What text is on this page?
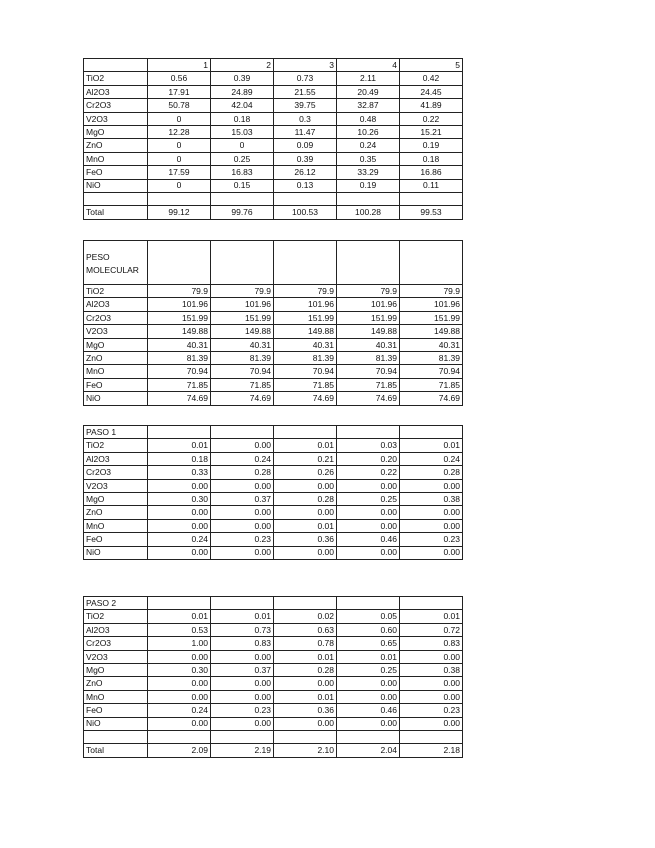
	1	2	3	4	5
TiO2	0.56	0.39	0.73	2.11	0.42
Al2O3	17.91	24.89	21.55	20.49	24.45
Cr2O3	50.78	42.04	39.75	32.87	41.89
V2O3	0	0.18	0.3	0.48	0.22
MgO	12.28	15.03	11.47	10.26	15.21
ZnO	0	0	0.09	0.24	0.19
MnO	0	0.25	0.39	0.35	0.18
FeO	17.59	16.83	26.12	33.29	16.86
NiO	0	0.15	0.13	0.19	0.11

Total	99.12	99.76	100.53	100.28	99.53
PESO MOLECULAR					
TiO2	79.9	79.9	79.9	79.9	79.9
Al2O3	101.96	101.96	101.96	101.96	101.96
Cr2O3	151.99	151.99	151.99	151.99	151.99
V2O3	149.88	149.88	149.88	149.88	149.88
MgO	40.31	40.31	40.31	40.31	40.31
ZnO	81.39	81.39	81.39	81.39	81.39
MnO	70.94	70.94	70.94	70.94	70.94
FeO	71.85	71.85	71.85	71.85	71.85
NiO	74.69	74.69	74.69	74.69	74.69
PASO 1					
TiO2	0.01	0.00	0.01	0.03	0.01
Al2O3	0.18	0.24	0.21	0.20	0.24
Cr2O3	0.33	0.28	0.26	0.22	0.28
V2O3	0.00	0.00	0.00	0.00	0.00
MgO	0.30	0.37	0.28	0.25	0.38
ZnO	0.00	0.00	0.00	0.00	0.00
MnO	0.00	0.00	0.01	0.00	0.00
FeO	0.24	0.23	0.36	0.46	0.23
NiO	0.00	0.00	0.00	0.00	0.00
PASO 2					
TiO2	0.01	0.01	0.02	0.05	0.01
Al2O3	0.53	0.73	0.63	0.60	0.72
Cr2O3	1.00	0.83	0.78	0.65	0.83
V2O3	0.00	0.00	0.01	0.01	0.00
MgO	0.30	0.37	0.28	0.25	0.38
ZnO	0.00	0.00	0.00	0.00	0.00
MnO	0.00	0.00	0.01	0.00	0.00
FeO	0.24	0.23	0.36	0.46	0.23
NiO	0.00	0.00	0.00	0.00	0.00

Total	2.09	2.19	2.10	2.04	2.18
